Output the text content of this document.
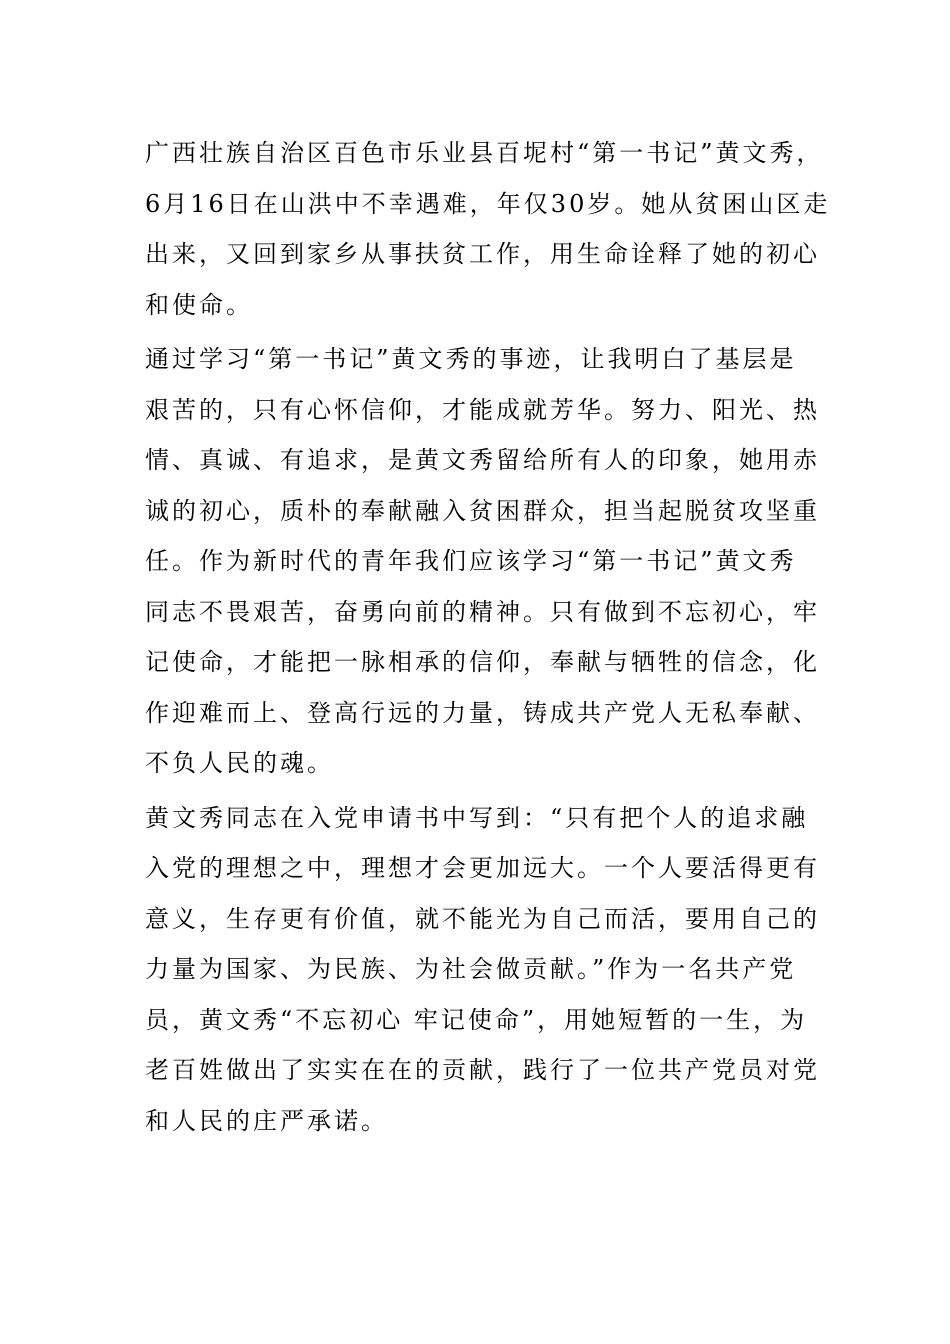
广西壮族自治区百色市乐业县百坭村“第一书记”黄文秀，
6月16日在山洪中不幸遇难，年仅30岁。她从贫困山区走
出来，又回到家乡从事扶贫工作，用生命诠释了她的初心
和使命。

通过学习“第一书记”黄文秀的事迹，让我明白了基层是
艰苦的，只有心怀信仰，才能成就芳华。努力、阳光、热
情、真诚、有追求，是黄文秀留给所有人的印象，她用赤
诚的初心，质朴的奉献融入贫困群众，担当起脱贫攻坚重
任。作为新时代的青年我们应该学习“第一书记”黄文秀
同志不畏艰苦，奋勇向前的精神。只有做到不忘初心，牢
记使命，才能把一脉相承的信仰，奉献与牺牲的信念，化
作迎难而上、登高行远的力量，铸成共产党人无私奉献、
不负人民的魂。

黄文秀同志在入党申请书中写到：“只有把个人的追求融
入党的理想之中，理想才会更加远大。一个人要活得更有
意义，生存更有价值，就不能光为自己而活，要用自己的
力量为国家、为民族、为社会做贡献。”作为一名共产党
员，黄文秀“不忘初心 牢记使命”，用她短暂的一生，为
老百姓做出了实实在在的贡献，践行了一位共产党员对党
和人民的庄严承诺。
